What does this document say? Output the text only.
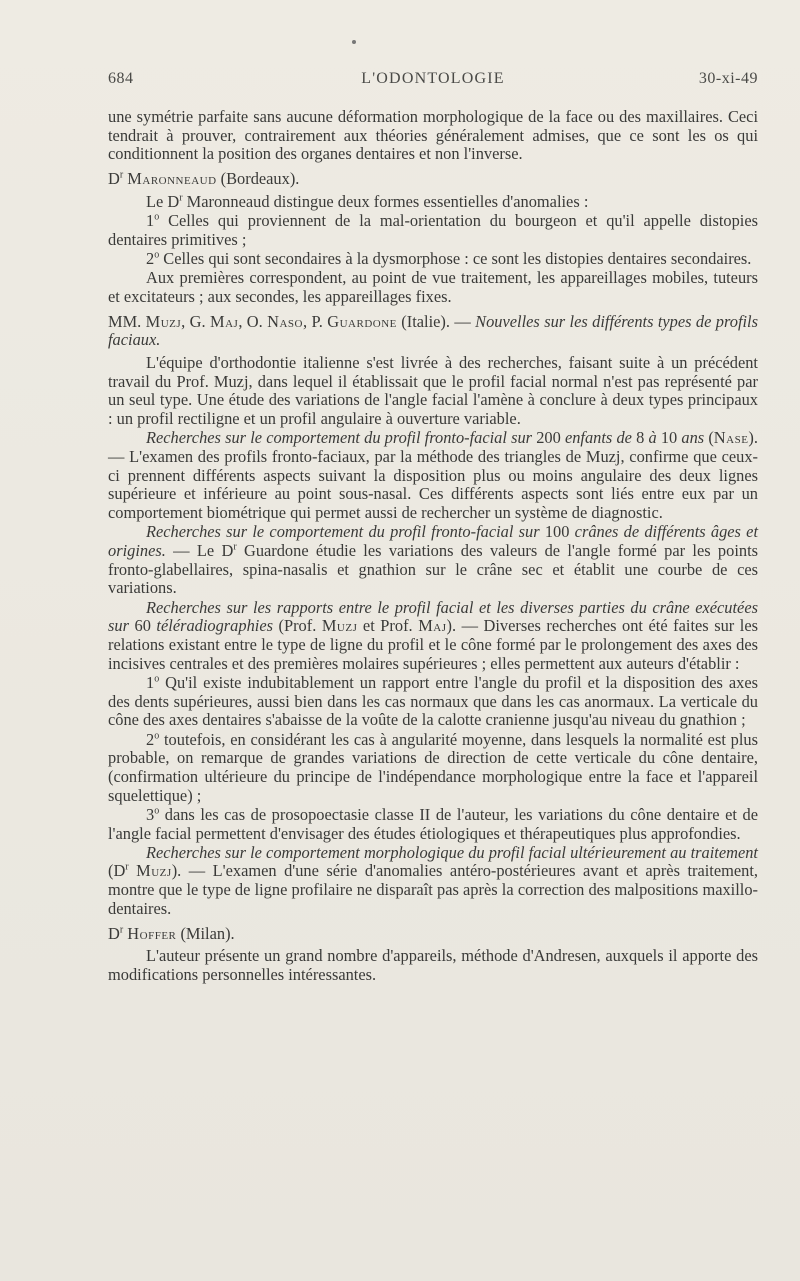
684	L'ODONTOLOGIE	30-xi-49

une symétrie parfaite sans aucune déformation morphologique de la face ou des maxillaires. Ceci tendrait à prouver, contrairement aux théories généralement admises, que ce sont les os qui conditionnent la position des organes dentaires et non l'inverse.

$D^r$ Maronneaud (Bordeaux).

Le $D^r$ Maronneaud distingue deux formes essentielles d'anomalies :

1$^o$ Celles qui proviennent de la mal-orientation du bourgeon et qu'il appelle distopies dentaires primitives ;

2$^o$ Celles qui sont secondaires à la dysmorphose : ce sont les distopies dentaires secondaires.

Aux premières correspondent, au point de vue traitement, les appareillages mobiles, tuteurs et excitateurs ; aux secondes, les appareillages fixes.

MM. Muzj, G. Maj, O. Naso, P. Guardone (Italie). — Nouvelles sur les différents types de profils faciaux.

L'équipe d'orthodontie italienne s'est livrée à des recherches, faisant suite à un précédent travail du Prof. Muzj, dans lequel il établissait que le profil facial normal n'est pas représenté par un seul type. Une étude des variations de l'angle facial l'amène à conclure à deux types principaux : un profil rectiligne et un profil angulaire à ouverture variable.

Recherches sur le comportement du profil fronto-facial sur 200 enfants de 8 à 10 ans (Nase). — L'examen des profils fronto-faciaux, par la méthode des triangles de Muzj, confirme que ceux-ci prennent différents aspects suivant la disposition plus ou moins angulaire des deux lignes supérieure et inférieure au point sous-nasal. Ces différents aspects sont liés entre eux par un comportement biométrique qui permet aussi de rechercher un système de diagnostic.

Recherches sur le comportement du profil fronto-facial sur 100 crânes de différents âges et origines. — Le $D^r$ Guardone étudie les variations des valeurs de l'angle formé par les points fronto-glabellaires, spina-nasalis et gnathion sur le crâne sec et établit une courbe de ces variations.

Recherches sur les rapports entre le profil facial et les diverses parties du crâne exécutées sur 60 téléradiographies (Prof. Muzj et Prof. Maj). — Diverses recherches ont été faites sur les relations existant entre le type de ligne du profil et le cône formé par le prolongement des axes des incisives centrales et des premières molaires supérieures ; elles permettent aux auteurs d'établir :

1$^o$ Qu'il existe indubitablement un rapport entre l'angle du profil et la disposition des axes des dents supérieures, aussi bien dans les cas normaux que dans les cas anormaux. La verticale du cône des axes dentaires s'abaisse de la voûte de la calotte cranienne jusqu'au niveau du gnathion ;

2$^o$ toutefois, en considérant les cas à angularité moyenne, dans lesquels la normalité est plus probable, on remarque de grandes variations de direction de cette verticale du cône dentaire, (confirmation ultérieure du principe de l'indépendance morphologique entre la face et l'appareil squelettique) ;

3$^o$ dans les cas de prosopoectasie classe II de l'auteur, les variations du cône dentaire et de l'angle facial permettent d'envisager des études étiologiques et thérapeutiques plus approfondies.

Recherches sur le comportement morphologique du profil facial ultérieurement au traitement ($D^r$ Muzj). — L'examen d'une série d'anomalies antéro-postérieures avant et après traitement, montre que le type de ligne profilaire ne disparaît pas après la correction des malpositions maxillo-dentaires.

$D^r$ Hoffer (Milan).

L'auteur présente un grand nombre d'appareils, méthode d'Andresen, auxquels il apporte des modifications personnelles intéressantes.
